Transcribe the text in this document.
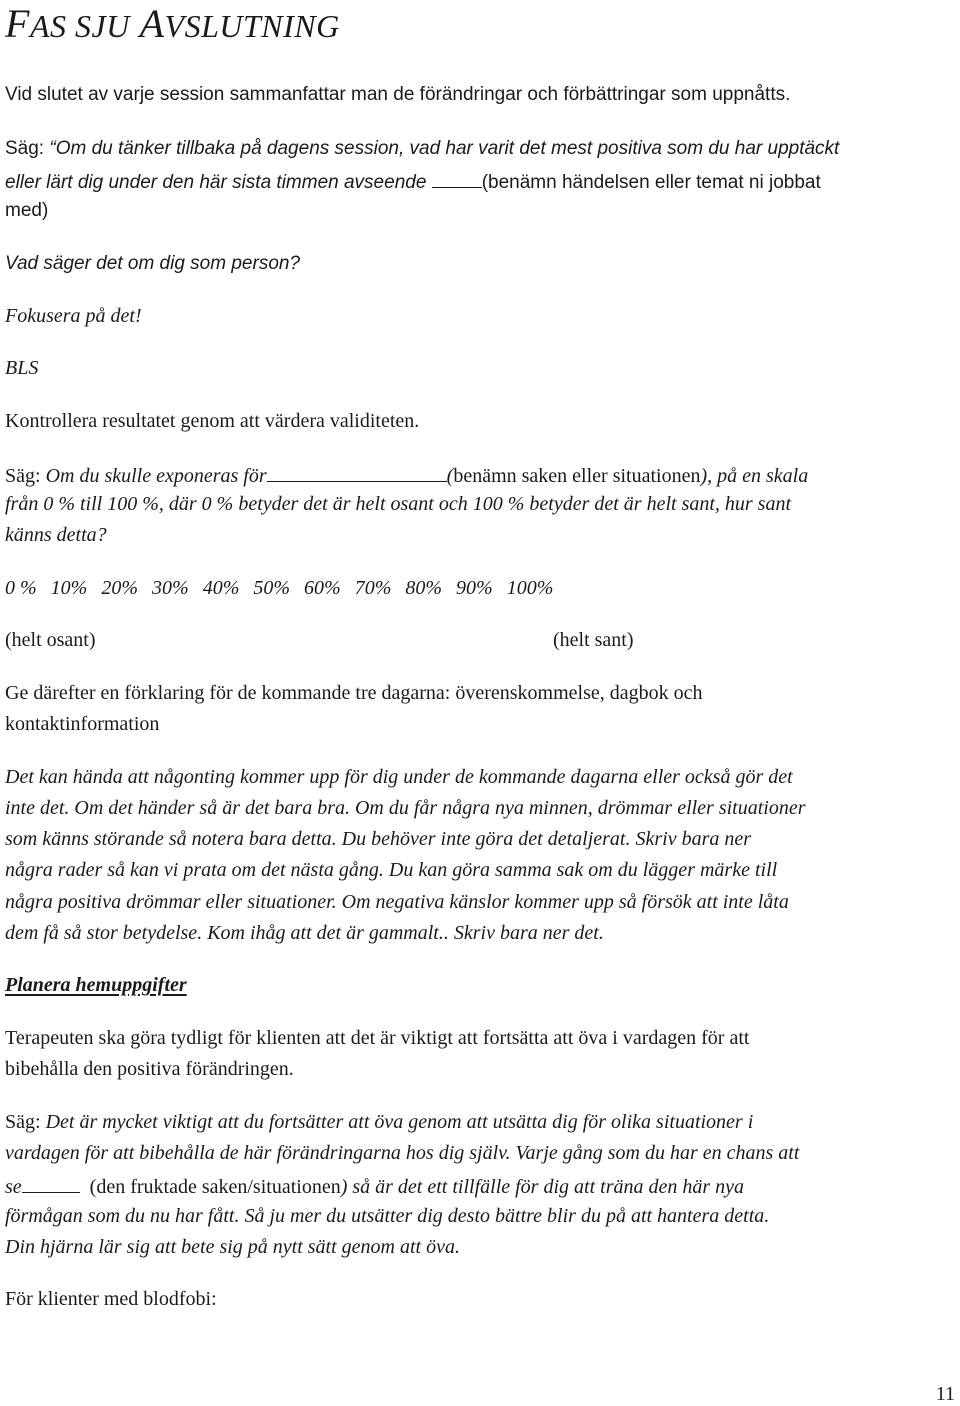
FAS SJU AVSLUTNING
Vid slutet av varje session sammanfattar man de förändringar och förbättringar som uppnåtts.
Säg: “Om du tänker tillbaka på dagens session, vad har varit det mest positiva som du har upptäckt
eller lärt dig under den här sista timmen avseende	(benämn händelsen eller temat ni jobbat
med)
Vad säger det om dig som person?
Fokusera på det!
BLS
Kontrollera resultatet genom att värdera validiteten.
Säg: Om du skulle exponeras för	(benämn saken eller situationen), på en skala
från 0 % till 100 %, där 0 % betyder det är helt osant och 100 % betyder det är helt sant, hur sant
känns detta?
0 % 10% 20% 30% 40% 50% 60% 70% 80% 90% 100%
(helt osant)	(helt sant)
Ge därefter en förklaring för de kommande tre dagarna: överenskommelse, dagbok och
kontaktinformation
Det kan hända att någonting kommer upp för dig under de kommande dagarna eller också gör det
inte det. Om det händer så är det bara bra. Om du får några nya minnen, drömmar eller situationer
som känns störande så notera bara detta. Du behöver inte göra det detaljerat. Skriv bara ner
några rader så kan vi prata om det nästa gång. Du kan göra samma sak om du lägger märke till
några positiva drömmar eller situationer. Om negativa känslor kommer upp så försök att inte låta
dem få så stor betydelse. Kom ihåg att det är gammalt.. Skriv bara ner det.
Planera hemuppgifter
Terapeuten ska göra tydligt för klienten att det är viktigt att fortsätta att öva i vardagen för att
bibehålla den positiva förändringen.
Säg: Det är mycket viktigt att du fortsätter att öva genom att utsätta dig för olika situationer i
vardagen för att bibehålla de här förändringarna hos dig själv. Varje gång som du har en chans att
se	(den fruktade saken/situationen) så är det ett tillfälle för dig att träna den här nya
förmågan som du nu har fått. Så ju mer du utsätter dig desto bättre blir du på att hantera detta.
Din hjärna lär sig att bete sig på nytt sätt genom att öva.
För klienter med blodfobi:
11
